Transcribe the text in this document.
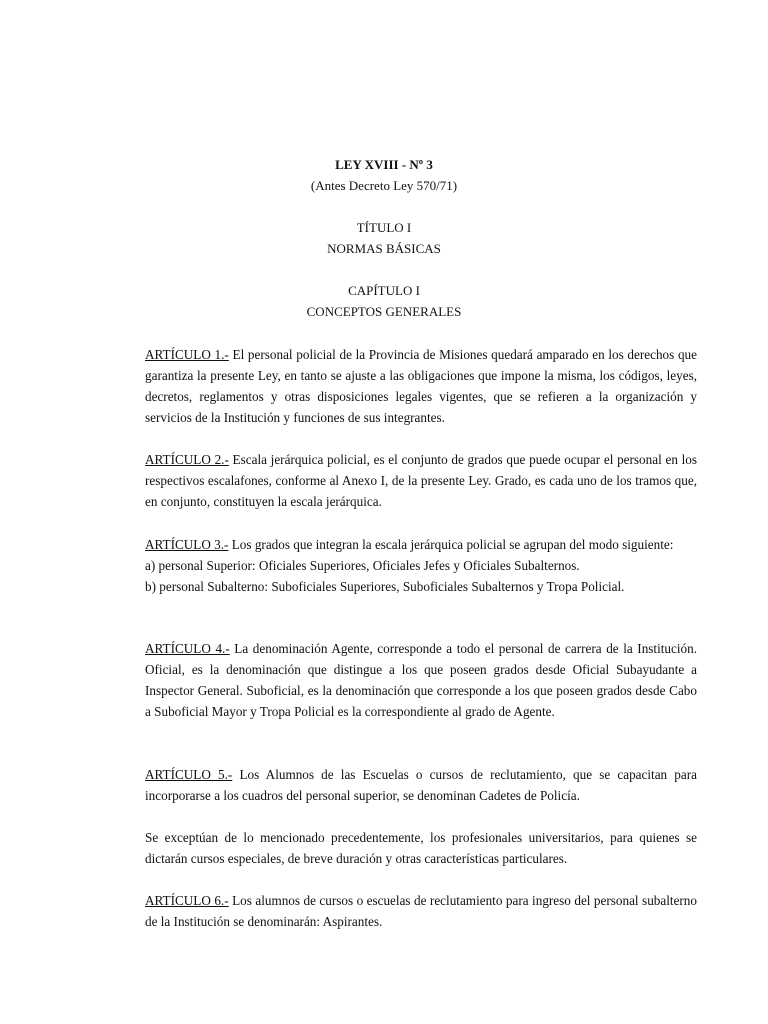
LEY XVIII - Nº 3
(Antes Decreto Ley 570/71)
TÍTULO I
NORMAS BÁSICAS
CAPÍTULO I
CONCEPTOS GENERALES
ARTÍCULO 1.- El personal policial de la Provincia de Misiones quedará amparado en los derechos que garantiza la presente Ley, en tanto se ajuste a las obligaciones que impone la misma, los códigos, leyes, decretos, reglamentos y otras disposiciones legales vigentes, que se refieren a la organización y servicios de la Institución y funciones de sus integrantes.
ARTÍCULO 2.- Escala jerárquica policial, es el conjunto de grados que puede ocupar el personal en los respectivos escalafones, conforme al Anexo I, de la presente Ley. Grado, es cada uno de los tramos que, en conjunto, constituyen la escala jerárquica.
ARTÍCULO 3.- Los grados que integran la escala jerárquica policial se agrupan del modo siguiente:
a) personal Superior: Oficiales Superiores, Oficiales Jefes y Oficiales Subalternos.
b) personal Subalterno: Suboficiales Superiores, Suboficiales Subalternos y Tropa Policial.
ARTÍCULO 4.- La denominación Agente, corresponde a todo el personal de carrera de la Institución. Oficial, es la denominación que distingue a los que poseen grados desde Oficial Subayudante a Inspector General. Suboficial, es la denominación que corresponde a los que poseen grados desde Cabo a Suboficial Mayor y Tropa Policial es la correspondiente al grado de Agente.
ARTÍCULO 5.- Los Alumnos de las Escuelas o cursos de reclutamiento, que se capacitan para incorporarse a los cuadros del personal superior, se denominan Cadetes de Policía.
Se exceptúan de lo mencionado precedentemente, los profesionales universitarios, para quienes se dictarán cursos especiales, de breve duración y otras características particulares.
ARTÍCULO 6.- Los alumnos de cursos o escuelas de reclutamiento para ingreso del personal subalterno de la Institución se denominarán: Aspirantes.
